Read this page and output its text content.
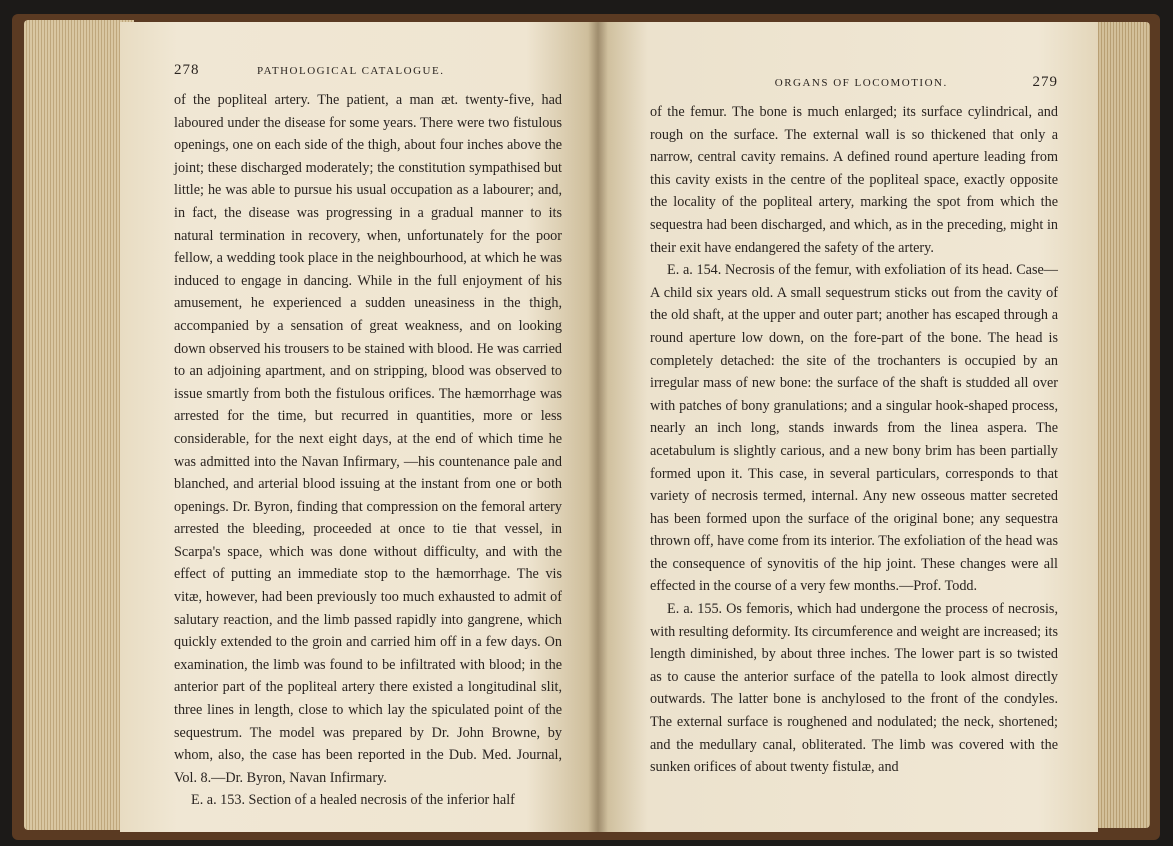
278	PATHOLOGICAL CATALOGUE.

of the popliteal artery. The patient, a man æt. twenty-five, had laboured under the disease for some years. There were two fistulous openings, one on each side of the thigh, about four inches above the joint; these discharged moderately; the constitution sympathised but little; he was able to pursue his usual occupation as a labourer; and, in fact, the disease was progressing in a gradual manner to its natural termination in recovery, when, unfortunately for the poor fellow, a wedding took place in the neighbourhood, at which he was induced to engage in dancing. While in the full enjoyment of his amusement, he experienced a sudden uneasiness in the thigh, accompanied by a sensation of great weakness, and on looking down observed his trousers to be stained with blood. He was carried to an adjoining apartment, and on stripping, blood was observed to issue smartly from both the fistulous orifices. The hæmorrhage was arrested for the time, but recurred in quantities, more or less considerable, for the next eight days, at the end of which time he was admitted into the Navan Infirmary, —his countenance pale and blanched, and arterial blood issuing at the instant from one or both openings. Dr. Byron, finding that compression on the femoral artery arrested the bleeding, proceeded at once to tie that vessel, in Scarpa's space, which was done without difficulty, and with the effect of putting an immediate stop to the hæmorrhage. The vis vitæ, however, had been previously too much exhausted to admit of salutary reaction, and the limb passed rapidly into gangrene, which quickly extended to the groin and carried him off in a few days. On examination, the limb was found to be infiltrated with blood; in the anterior part of the popliteal artery there existed a longitudinal slit, three lines in length, close to which lay the spiculated point of the sequestrum. The model was prepared by Dr. John Browne, by whom, also, the case has been reported in the Dub. Med. Journal, Vol. 8.—Dr. Byron, Navan Infirmary.

E. a. 153. Section of a healed necrosis of the inferior half

ORGANS OF LOCOMOTION.	279

of the femur. The bone is much enlarged; its surface cylindrical, and rough on the surface. The external wall is so thickened that only a narrow, central cavity remains. A defined round aperture leading from this cavity exists in the centre of the popliteal space, exactly opposite the locality of the popliteal artery, marking the spot from which the sequestra had been discharged, and which, as in the preceding, might in their exit have endangered the safety of the artery.

E. a. 154. Necrosis of the femur, with exfoliation of its head. Case—A child six years old. A small sequestrum sticks out from the cavity of the old shaft, at the upper and outer part; another has escaped through a round aperture low down, on the fore-part of the bone. The head is completely detached: the site of the trochanters is occupied by an irregular mass of new bone: the surface of the shaft is studded all over with patches of bony granulations; and a singular hook-shaped process, nearly an inch long, stands inwards from the linea aspera. The acetabulum is slightly carious, and a new bony brim has been partially formed upon it. This case, in several particulars, corresponds to that variety of necrosis termed, internal. Any new osseous matter secreted has been formed upon the surface of the original bone; any sequestra thrown off, have come from its interior. The exfoliation of the head was the consequence of synovitis of the hip joint. These changes were all effected in the course of a very few months.—Prof. Todd.

E. a. 155. Os femoris, which had undergone the process of necrosis, with resulting deformity. Its circumference and weight are increased; its length diminished, by about three inches. The lower part is so twisted as to cause the anterior surface of the patella to look almost directly outwards. The latter bone is anchylosed to the front of the condyles. The external surface is roughened and nodulated; the neck, shortened; and the medullary canal, obliterated. The limb was covered with the sunken orifices of about twenty fistulæ, and
